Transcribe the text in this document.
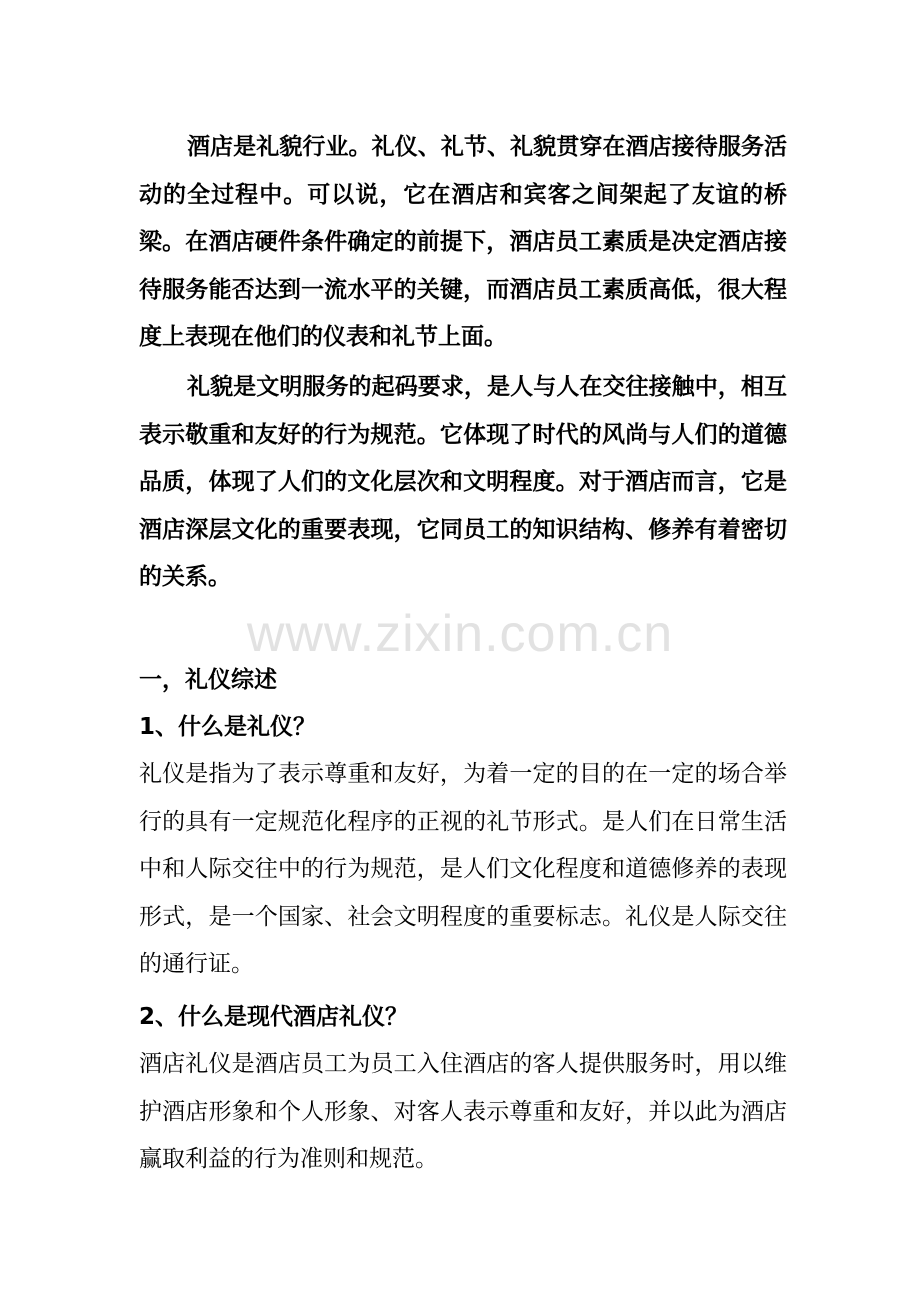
酒店是礼貌行业。礼仪、礼节、礼貌贯穿在酒店接待服务活动的全过程中。可以说，它在酒店和宾客之间架起了友谊的桥梁。在酒店硬件条件确定的前提下，酒店员工素质是决定酒店接待服务能否达到一流水平的关键，而酒店员工素质高低，很大程度上表现在他们的仪表和礼节上面。

礼貌是文明服务的起码要求，是人与人在交往接触中，相互表示敬重和友好的行为规范。它体现了时代的风尚与人们的道德品质，体现了人们的文化层次和文明程度。对于酒店而言，它是酒店深层文化的重要表现，它同员工的知识结构、修养有着密切的关系。

www.zixin.com.cn

一，礼仪综述

1、什么是礼仪？

礼仪是指为了表示尊重和友好，为着一定的目的在一定的场合举行的具有一定规范化程序的正视的礼节形式。是人们在日常生活中和人际交往中的行为规范，是人们文化程度和道德修养的表现形式，是一个国家、社会文明程度的重要标志。礼仪是人际交往的通行证。

2、什么是现代酒店礼仪？

酒店礼仪是酒店员工为员工入住酒店的客人提供服务时，用以维护酒店形象和个人形象、对客人表示尊重和友好，并以此为酒店赢取利益的行为准则和规范。
